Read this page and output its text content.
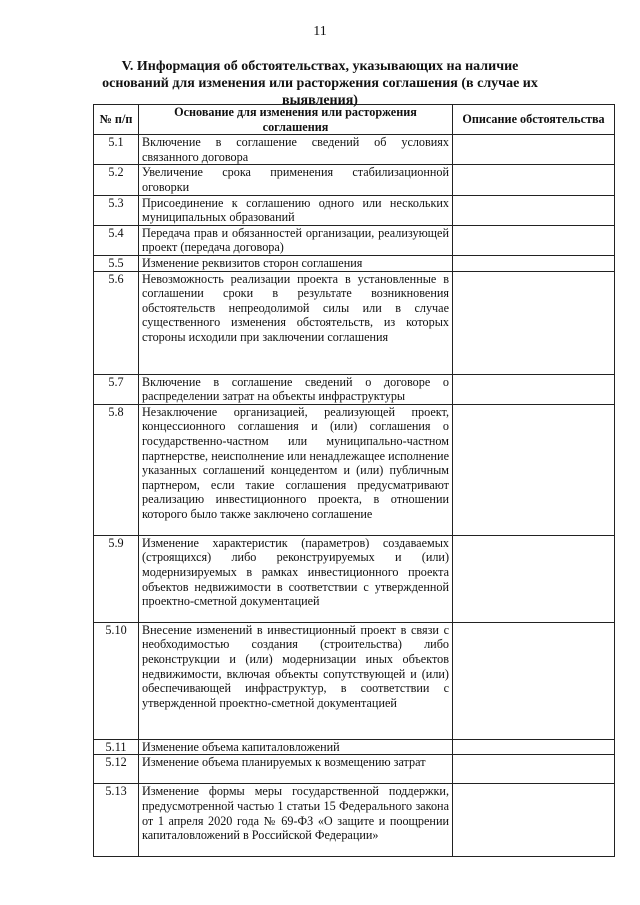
11
V. Информация об обстоятельствах, указывающих на наличие оснований для изменения или расторжения соглашения (в случае их выявления)
№ п/п	Основание для изменения или расторжения соглашения	Описание обстоятельства
5.1	Включение в соглашение сведений об условиях связанного договора	
5.2	Увеличение срока применения стабилизационной оговорки	
5.3	Присоединение к соглашению одного или нескольких муниципальных образований	
5.4	Передача прав и обязанностей организации, реализующей проект (передача договора)	
5.5	Изменение реквизитов сторон соглашения	
5.6	Невозможность реализации проекта в установленные в соглашении сроки в результате возникновения обстоятельств непреодолимой силы или в случае существенного изменения обстоятельств, из которых стороны исходили при заключении соглашения	
5.7	Включение в соглашение сведений о договоре о распределении затрат на объекты инфраструктуры	
5.8	Незаключение организацией, реализующей проект, концессионного соглашения и (или) соглашения о государственно-частном или муниципально-частном партнерстве, неисполнение или ненадлежащее исполнение указанных соглашений концедентом и (или) публичным партнером, если такие соглашения предусматривают реализацию инвестиционного проекта, в отношении которого было также заключено соглашение	
5.9	Изменение характеристик (параметров) создаваемых (строящихся) либо реконструируемых и (или) модернизируемых в рамках инвестиционного проекта объектов недвижимости в соответствии с утвержденной проектно-сметной документацией	
5.10	Внесение изменений в инвестиционный проект в связи с необходимостью создания (строительства) либо реконструкции и (или) модернизации иных объектов недвижимости, включая объекты сопутствующей и (или) обеспечивающей инфраструктур, в соответствии с утвержденной проектно-сметной документацией	
5.11	Изменение объема капиталовложений	
5.12	Изменение объема планируемых к возмещению затрат	
5.13	Изменение формы меры государственной поддержки, предусмотренной частью 1 статьи 15 Федерального закона от 1 апреля 2020 года № 69-ФЗ «О защите и поощрении капиталовложений в Российской Федерации»	
